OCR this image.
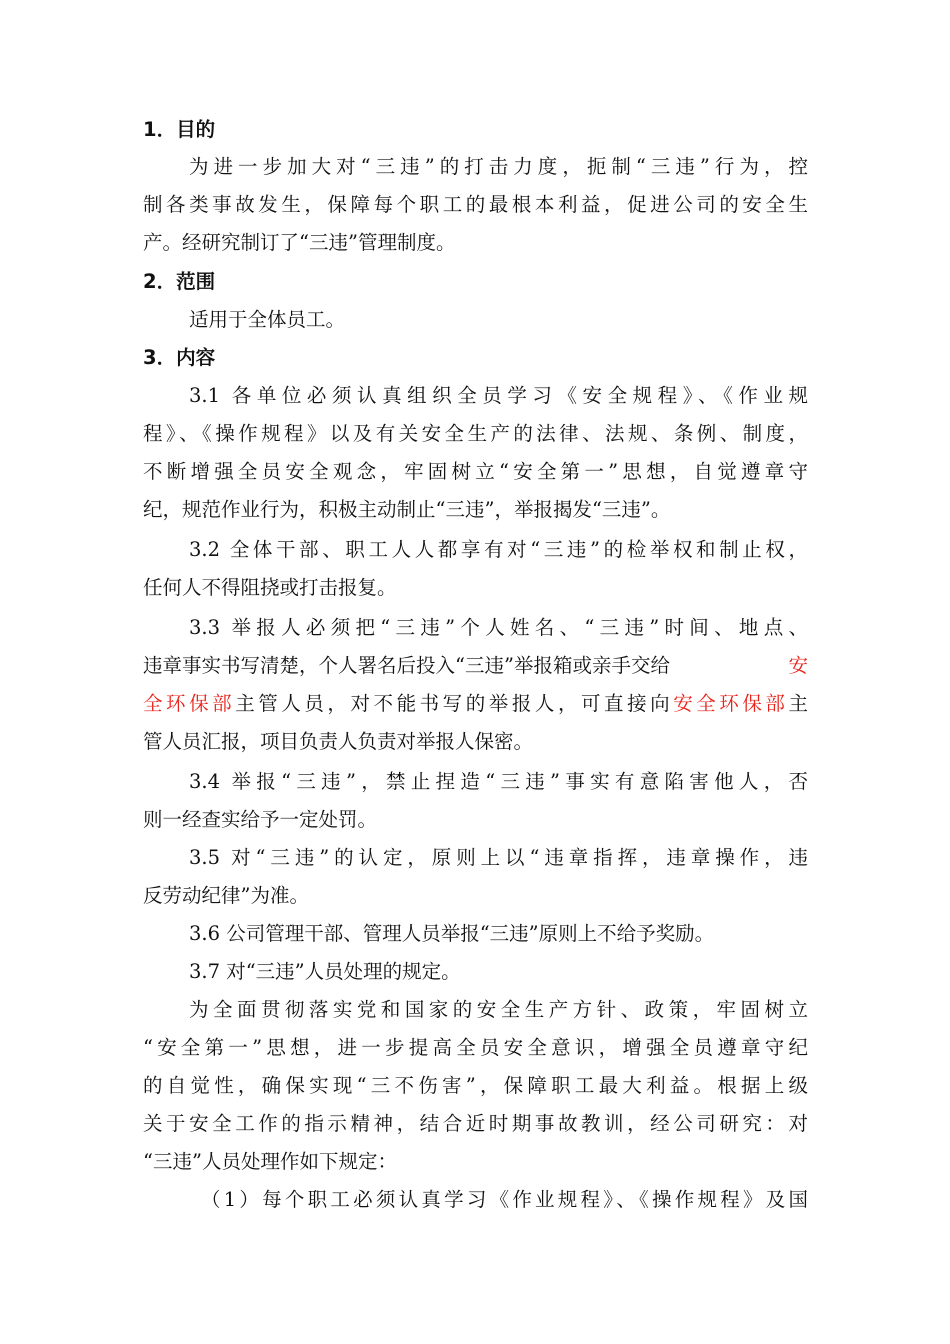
1．目的
为进一步加大对“三违”的打击力度，扼制“三违”行为，控
制各类事故发生，保障每个职工的最根本利益，促进公司的安全生
产。经研究制订了“三违”管理制度。
2．范围
适用于全体员工。
3．内容
3.1 各单位必须认真组织全员学习《安全规程》、《作业规
程》、《操作规程》以及有关安全生产的法律、法规、条例、制度，
不断增强全员安全观念，牢固树立“安全第一”思想，自觉遵章守
纪，规范作业行为，积极主动制止“三违”，举报揭发“三违”。
3.2 全体干部、职工人人都享有对“三违”的检举权和制止权，
任何人不得阻挠或打击报复。
3.3 举报人必须把“三违”个人姓名、“三违”时间、地点、
违章事实书写清楚，个人署名后投入“三违”举报箱或亲手交给	安
全环保部主管人员，对不能书写的举报人，可直接向安全环保部主
管人员汇报，项目负责人负责对举报人保密。
3.4 举报“三违”，禁止捏造“三违”事实有意陷害他人，否
则一经查实给予一定处罚。
3.5 对“三违”的认定，原则上以“违章指挥，违章操作，违
反劳动纪律”为准。
3.6 公司管理干部、管理人员举报“三违”原则上不给予奖励。
3.7 对“三违”人员处理的规定。
为全面贯彻落实党和国家的安全生产方针、政策，牢固树立
“安全第一”思想，进一步提高全员安全意识，增强全员遵章守纪
的自觉性，确保实现“三不伤害”，保障职工最大利益。根据上级
关于安全工作的指示精神，结合近时期事故教训，经公司研究：对
“三违”人员处理作如下规定：
（1）每个职工必须认真学习《作业规程》、《操作规程》及国
